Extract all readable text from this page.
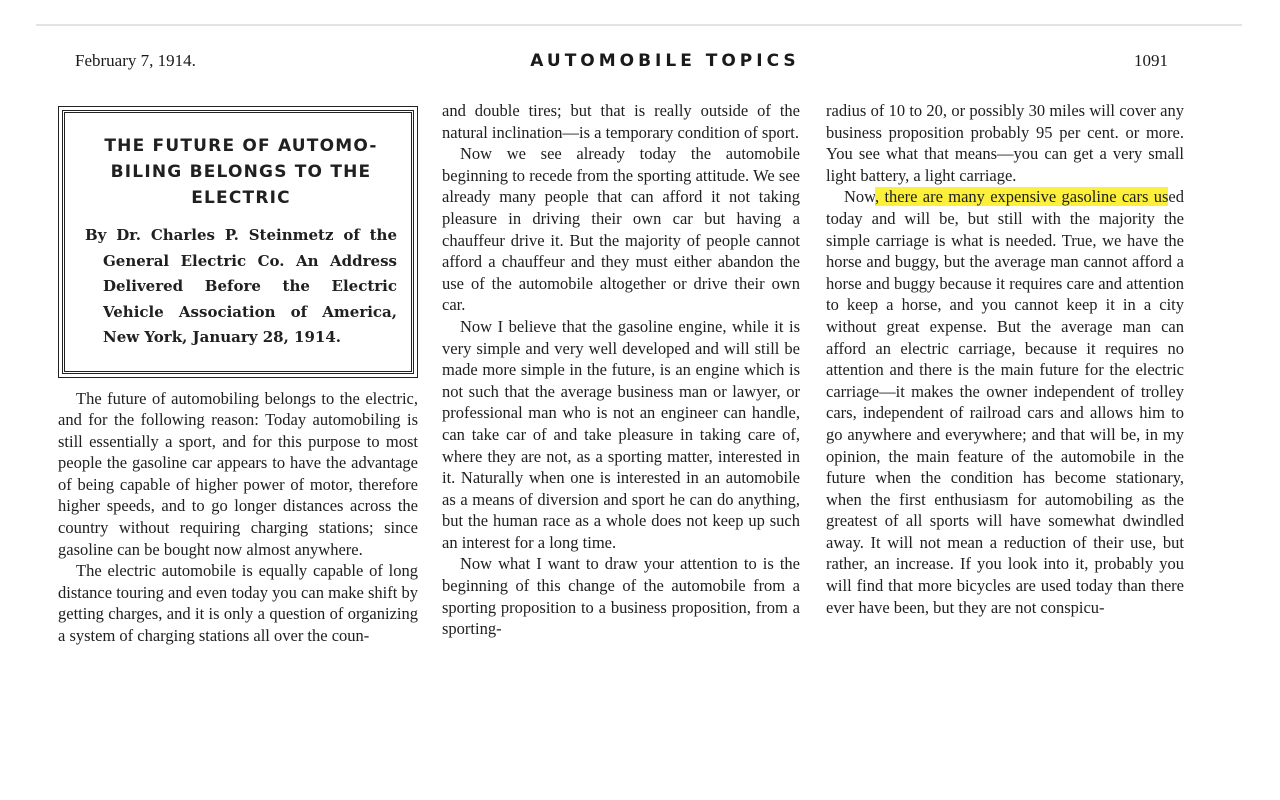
February 7, 1914.	AUTOMOBILE TOPICS	1091
THE FUTURE OF AUTOMO-BILING BELONGS TO THE ELECTRIC
By Dr. Charles P. Steinmetz of the General Electric Co. An Address Delivered Before the Electric Vehicle Association of America, New York, January 28, 1914.

The future of automobiling belongs to the electric, and for the following reason: Today automobiling is still essentially a sport, and for this purpose to most people the gasoline car appears to have the advantage of being capable of higher power of motor, therefore higher speeds, and to go longer distances across the country without requiring charging stations; since gasoline can be bought now almost anywhere.

The electric automobile is equally capable of long distance touring and even today you can make shift by getting charges, and it is only a question of organizing a system of charging stations all over the coun-

and double tires; but that is really outside of the natural inclination—is a temporary condition of sport.

Now we see already today the automobile beginning to recede from the sporting attitude. We see already many people that can afford it not taking pleasure in driving their own car but having a chauffeur drive it. But the majority of people cannot afford a chauffeur and they must either abandon the use of the automobile altogether or drive their own car.

Now I believe that the gasoline engine, while it is very simple and very well developed and will still be made more simple in the future, is an engine which is not such that the average business man or lawyer, or professional man who is not an engineer can handle, can take car of and take pleasure in taking care of, where they are not, as a sporting matter, interested in it. Naturally when one is interested in an automobile as a means of diversion and sport he can do anything, but the human race as a whole does not keep up such an interest for a long time.

Now what I want to draw your attention to is the beginning of this change of the automobile from a sporting proposition to a business proposition, from a sporting-

radius of 10 to 20, or possibly 30 miles will cover any business proposition probably 95 per cent. or more. You see what that means—you can get a very small light battery, a light carriage.

Now, there are many expensive gasoline cars used today and will be, but still with the majority the simple carriage is what is needed. True, we have the horse and buggy, but the average man cannot afford a horse and buggy because it requires care and attention to keep a horse, and you cannot keep it in a city without great expense. But the average man can afford an electric carriage, because it requires no attention and there is the main future for the electric carriage—it makes the owner independent of trolley cars, independent of railroad cars and allows him to go anywhere and everywhere; and that will be, in my opinion, the main feature of the automobile in the future when the condition has become stationary, when the first enthusiasm for automobiling as the greatest of all sports will have somewhat dwindled away. It will not mean a reduction of their use, but rather, an increase. If you look into it, probably you will find that more bicycles are used today than there ever have been, but they are not conspicu-
